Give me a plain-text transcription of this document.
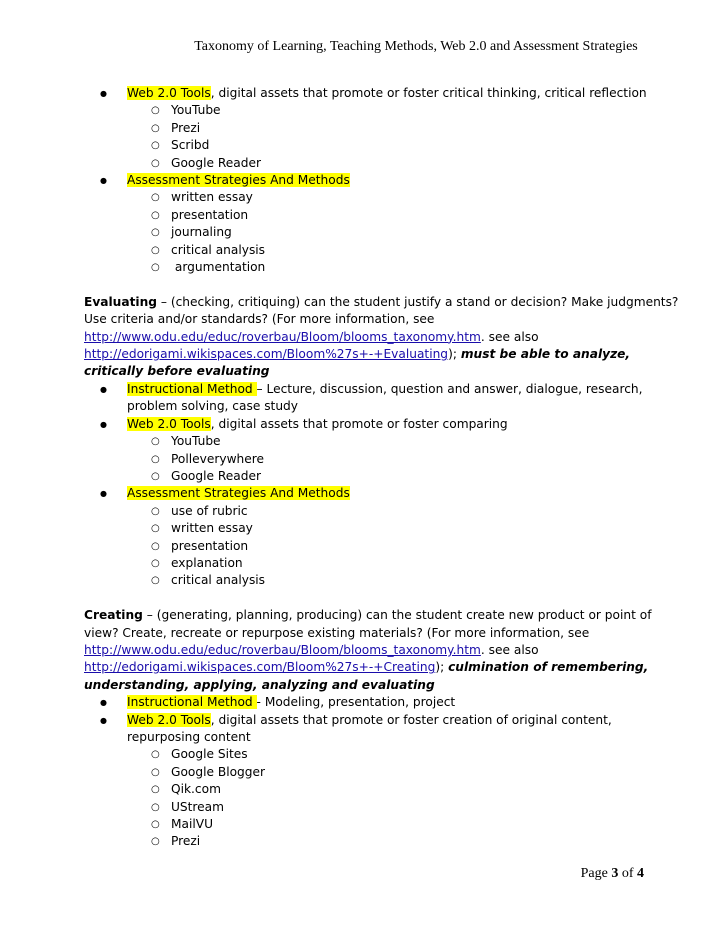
Taxonomy of Learning, Teaching Methods, Web 2.0 and Assessment Strategies
● Web 2.0 Tools, digital assets that promote or foster critical thinking, critical reflection
○ YouTube
○ Prezi
○ Scribd
○ Google Reader
● Assessment Strategies And Methods
○ written essay
○ presentation
○ journaling
○ critical analysis
○  argumentation

Evaluating – (checking, critiquing) can the student justify a stand or decision? Make judgments? Use criteria and/or standards? (For more information, see http://www.odu.edu/educ/roverbau/Bloom/blooms_taxonomy.htm. see also http://edorigami.wikispaces.com/Bloom%27s+-+Evaluating); must be able to analyze, critically before evaluating

● Instructional Method – Lecture, discussion, question and answer, dialogue, research, problem solving, case study
● Web 2.0 Tools, digital assets that promote or foster comparing
○ YouTube
○ Polleverywhere
○ Google Reader
● Assessment Strategies And Methods
○ use of rubric
○ written essay
○ presentation
○ explanation
○ critical analysis

Creating – (generating, planning, producing) can the student create new product or point of view? Create, recreate or repurpose existing materials? (For more information, see http://www.odu.edu/educ/roverbau/Bloom/blooms_taxonomy.htm. see also http://edorigami.wikispaces.com/Bloom%27s+-+Creating); culmination of remembering, understanding, applying, analyzing and evaluating

● Instructional Method - Modeling, presentation, project
● Web 2.0 Tools, digital assets that promote or foster creation of original content, repurposing content
○ Google Sites
○ Google Blogger
○ Qik.com
○ UStream
○ MailVU
○ Prezi
Page 3 of 4
